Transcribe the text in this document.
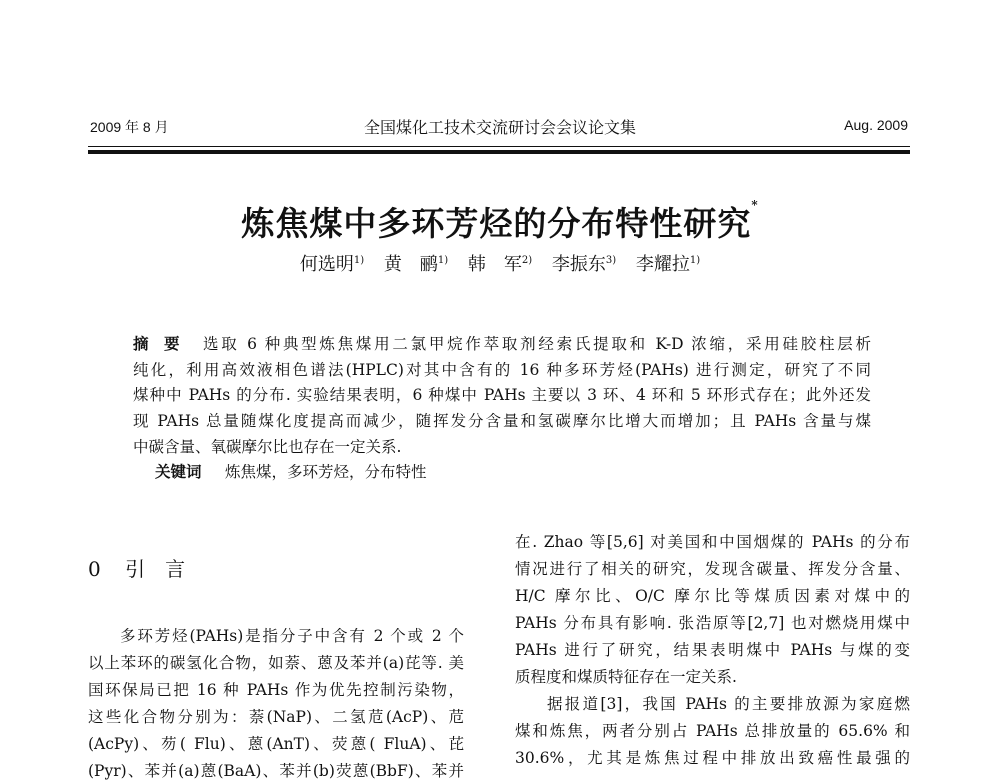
2009 年 8 月	全国煤化工技术交流研讨会会议论文集	Aug. 2009
炼焦煤中多环芳烃的分布特性研究*
何选明$^{1)}$ 黄　鹂$^{1)}$ 韩　军$^{2)}$ 李振东$^{3)}$ 李耀拉$^{1)}$
摘　要	选取 6 种典型炼焦煤用二氯甲烷作萃取剂经索氏提取和 K-D 浓缩，采用硅胶柱层析
纯化，利用高效液相色谱法(HPLC)对其中含有的 16 种多环芳烃(PAHs) 进行测定，研究了不同
煤种中 PAHs 的分布. 实验结果表明，6 种煤中 PAHs 主要以 3 环、4 环和 5 环形式存在；此外还发
现 PAHs 总量随煤化度提高而减少，随挥发分含量和氢碳摩尔比增大而增加；且 PAHs 含量与煤
中碳含量、氧碳摩尔比也存在一定关系.
关键词 炼焦煤，多环芳烃，分布特性
0 引　言
多环芳烃(PAHs)是指分子中含有 2 个或 2 个
以上苯环的碳氢化合物，如萘、蒽及苯并(a)芘等. 美
国环保局已把 16 种 PAHs 作为优先控制污染物，
这些化合物分别为：萘(NaP)、二氢苊(AcP)、苊
(AcPy)、芴( Flu)、蒽(AnT)、荧蒽( FluA)、芘
(Pyr)、苯并(a)蒽(BaA)、苯并(b)荧蒽(BbF)、苯并
在. Zhao 等[5,6] 对美国和中国烟煤的 PAHs 的分布
情况进行了相关的研究，发现含碳量、挥发分含量、
H/C 摩尔比、O/C 摩尔比等煤质因素对煤中的
PAHs 分布具有影响. 张浩原等[2,7] 也对燃烧用煤中
PAHs 进行了研究，结果表明煤中 PAHs 与煤的变
质程度和煤质特征存在一定关系.
据报道[3]，我国 PAHs 的主要排放源为家庭燃
煤和炼焦，两者分别占 PAHs 总排放量的 65.6% 和
30.6%，尤其是炼焦过程中排放出致癌性最强的
